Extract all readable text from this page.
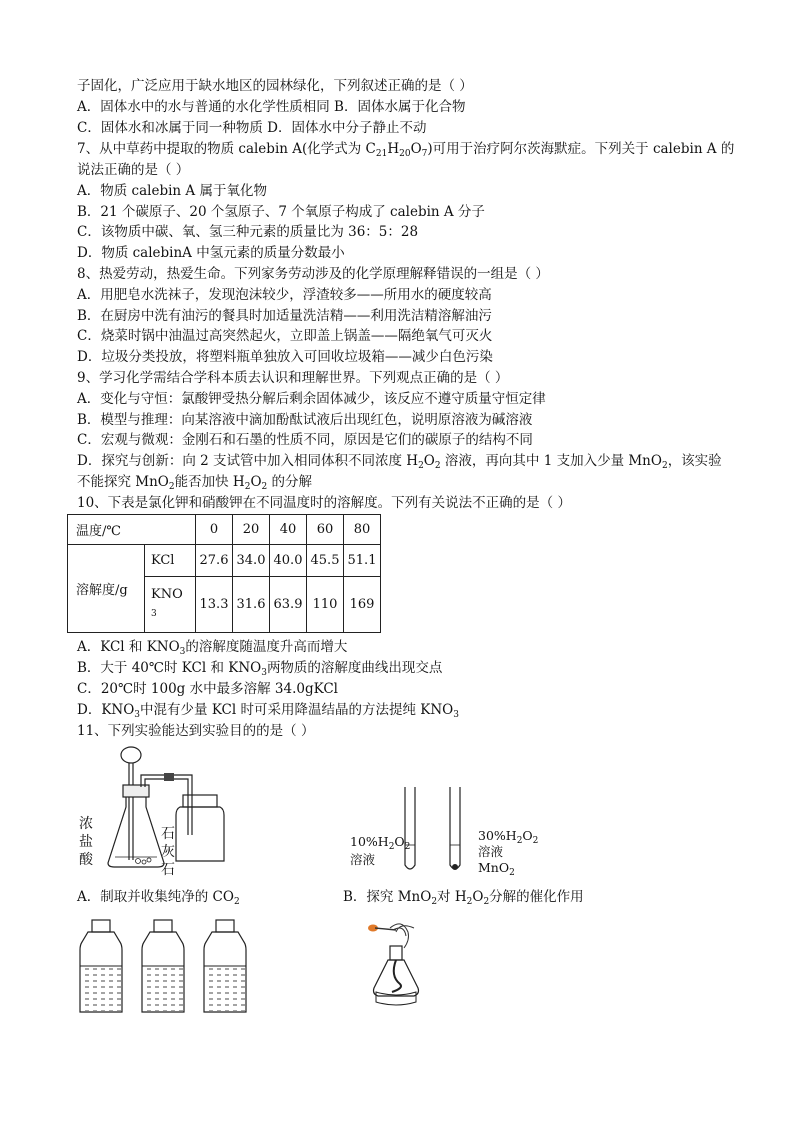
子固化，广泛应用于缺水地区的园林绿化，下列叙述正确的是（ ）
A．固体水中的水与普通的水化学性质相同 B．固体水属于化合物
C．固体水和冰属于同一种物质 D．固体水中分子静止不动
7、从中草药中提取的物质 calebin A(化学式为 $C_{21}H_{20}O_7$)可用于治疗阿尔茨海默症。下列关于 calebin A 的
说法正确的是（ ）
A．物质 calebin A 属于氧化物
B．21 个碳原子、20 个氢原子、7 个氧原子构成了 calebin A 分子
C．该物质中碳、氧、氢三种元素的质量比为 36：5：28
D．物质 calebinA 中氢元素的质量分数最小
8、热爱劳动，热爱生命。下列家务劳动涉及的化学原理解释错误的一组是（ ）
A．用肥皂水洗袜子，发现泡沫较少，浮渣较多——所用水的硬度较高
B．在厨房中洗有油污的餐具时加适量洗洁精——利用洗洁精溶解油污
C．烧菜时锅中油温过高突然起火，立即盖上锅盖——隔绝氧气可灭火
D．垃圾分类投放，将塑料瓶单独放入可回收垃圾箱——减少白色污染
9、学习化学需结合学科本质去认识和理解世界。下列观点正确的是（ ）
A．变化与守恒：氯酸钾受热分解后剩余固体减少，该反应不遵守质量守恒定律
B．模型与推理：向某溶液中滴加酚酞试液后出现红色，说明原溶液为碱溶液
C．宏观与微观：金刚石和石墨的性质不同，原因是它们的碳原子的结构不同
D．探究与创新：向 2 支试管中加入相同体积不同浓度 $H_2O_2$ 溶液，再向其中 1 支加入少量 MnO$_2$，该实验
不能探究 MnO$_2$能否加快 $H_2O_2$ 的分解
10、下表是氯化钾和硝酸钾在不同温度时的溶解度。下列有关说法不正确的是（ ）
温度/℃		0	20	40	60	80
溶解度/g	KCl	27.6	34.0	40.0	45.5	51.1
	KNO
3	13.3	31.6	63.9	110	169
A．KCl 和 $KNO_3$的溶解度随温度升高而增大
B．大于 40℃时 KCl 和 $KNO_3$两物质的溶解度曲线出现交点
C．20℃时 100g 水中最多溶解 34.0gKCl
D．$KNO_3$中混有少量 KCl 时可采用降温结晶的方法提纯 $KNO_3$
11、下列实验能达到实验目的的是（ ）
浓
盐
酸
石
灰
石
$10\%H_2O_2$
溶液
$30\%H_2O_2$
溶液
MnO$_2$
A．制取并收集纯净的 $CO_2$	B．探究 MnO$_2$对 $H_2O_2$分解的催化作用
